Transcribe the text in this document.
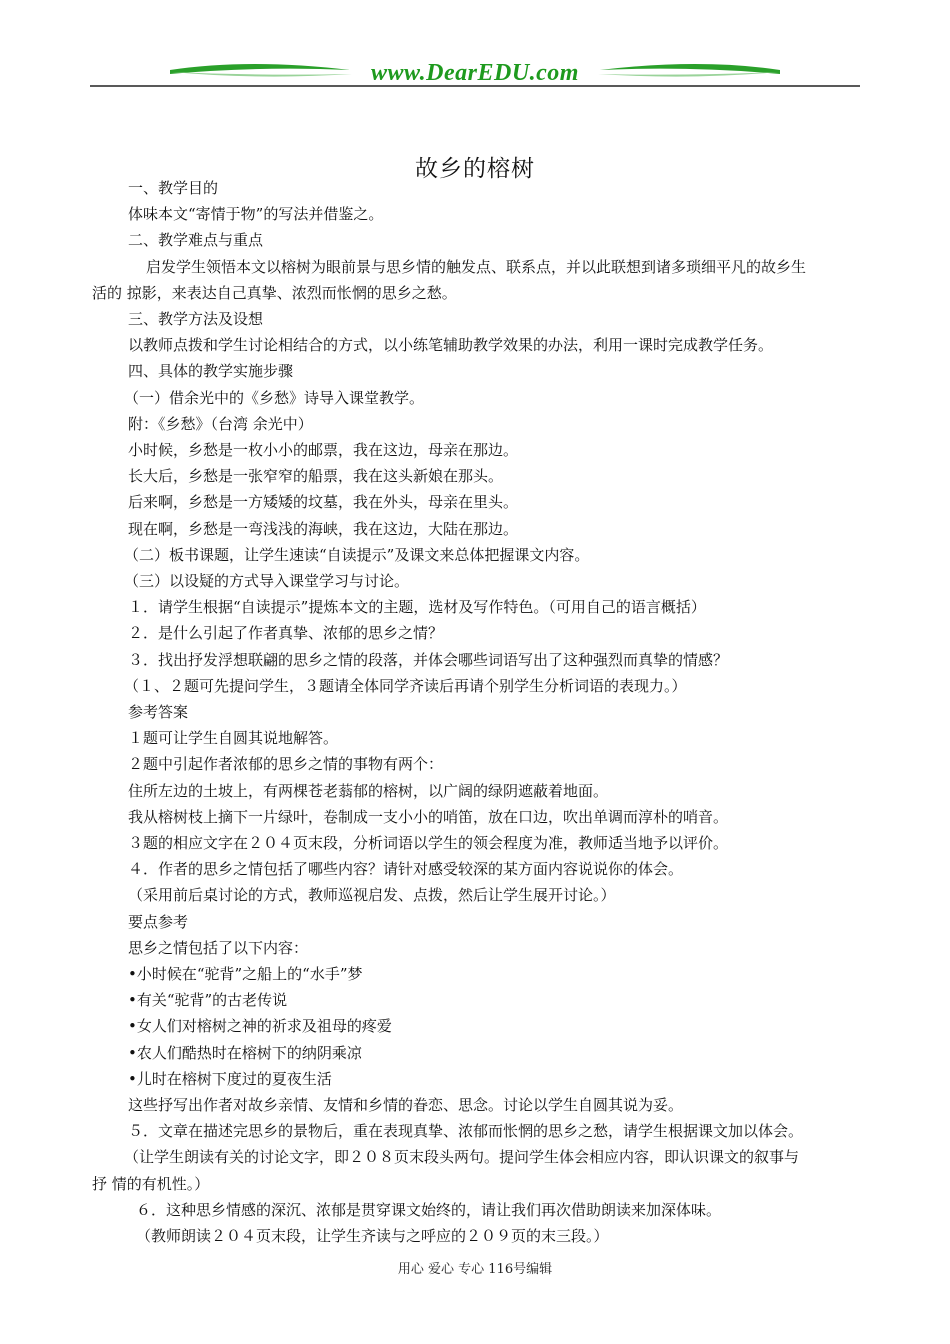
www.DearEDU.com
故乡的榕树
一、教学目的
体味本文“寄情于物”的写法并借鉴之。
二、教学难点与重点
启发学生领悟本文以榕树为眼前景与思乡情的触发点、联系点，并以此联想到诸多琐细平凡的故乡生
活的 掠影，来表达自己真挚、浓烈而怅惘的思乡之愁。
三、教学方法及设想
以教师点拨和学生讨论相结合的方式，以小练笔辅助教学效果的办法，利用一课时完成教学任务。
四、具体的教学实施步骤
（一）借余光中的《乡愁》诗导入课堂教学。
附：《乡愁》（台湾 余光中）
小时候，乡愁是一枚小小的邮票，我在这边，母亲在那边。
长大后，乡愁是一张窄窄的船票，我在这头新娘在那头。
后来啊，乡愁是一方矮矮的坟墓，我在外头，母亲在里头。
现在啊，乡愁是一弯浅浅的海峡，我在这边，大陆在那边。
（二）板书课题，让学生速读“自读提示”及课文来总体把握课文内容。
（三）以设疑的方式导入课堂学习与讨论。
１．请学生根据“自读提示”提炼本文的主题，选材及写作特色。（可用自己的语言概括）
２．是什么引起了作者真挚、浓郁的思乡之情？
３．找出抒发浮想联翩的思乡之情的段落，并体会哪些词语写出了这种强烈而真挚的情感？
（１、２题可先提问学生，３题请全体同学齐读后再请个别学生分析词语的表现力。）
参考答案
１题可让学生自圆其说地解答。
２题中引起作者浓郁的思乡之情的事物有两个：
住所左边的土坡上，有两棵苍老蓊郁的榕树，以广阔的绿阴遮蔽着地面。
我从榕树枝上摘下一片绿叶，卷制成一支小小的哨笛，放在口边，吹出单调而淳朴的哨音。
３题的相应文字在２０４页末段，分析词语以学生的领会程度为准，教师适当地予以评价。
４．作者的思乡之情包括了哪些内容？请针对感受较深的某方面内容说说你的体会。
（采用前后桌讨论的方式，教师巡视启发、点拨，然后让学生展开讨论。）
要点参考
思乡之情包括了以下内容：
•小时候在“驼背”之船上的“水手”梦
•有关“驼背”的古老传说
•女人们对榕树之神的祈求及祖母的疼爱
•农人们酷热时在榕树下的纳阴乘凉
•儿时在榕树下度过的夏夜生活
这些抒写出作者对故乡亲情、友情和乡情的眷恋、思念。讨论以学生自圆其说为妥。
５．文章在描述完思乡的景物后，重在表现真挚、浓郁而怅惘的思乡之愁，请学生根据课文加以体会。
（让学生朗读有关的讨论文字，即２０８页末段头两句。提问学生体会相应内容，即认识课文的叙事与
抒 情的有机性。）
６．这种思乡情感的深沉、浓郁是贯穿课文始终的，请让我们再次借助朗读来加深体味。
（教师朗读２０４页末段，让学生齐读与之呼应的２０９页的末三段。）
用心 爱心 专心 116号编辑
